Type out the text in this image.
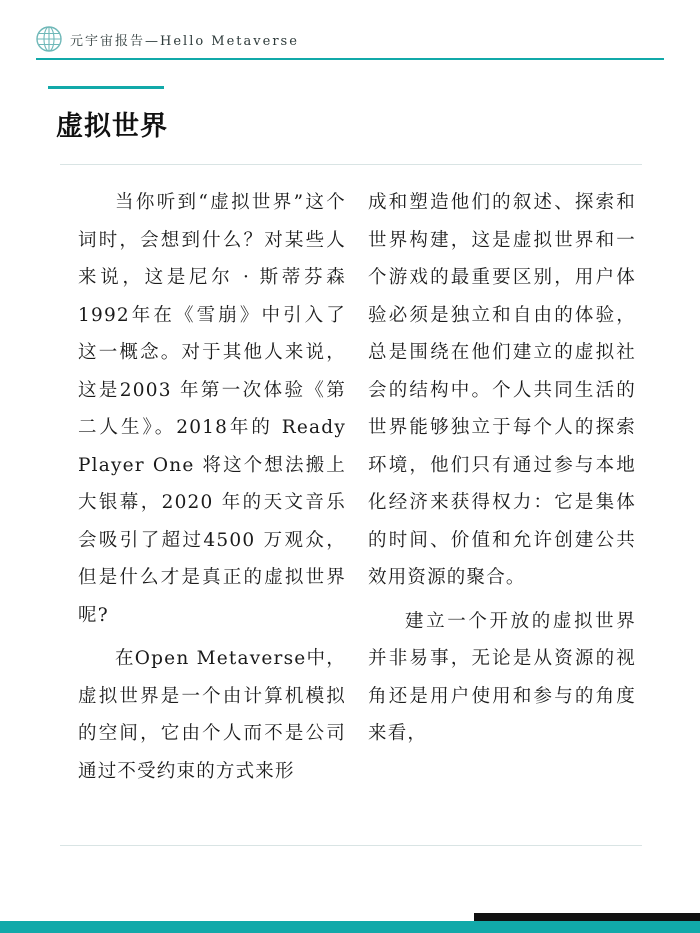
元宇宙报告—Hello Metaverse
虚拟世界

当你听到“虚拟世界”这个词时，会想到什么？对某些人来说，这是尼尔 · 斯蒂芬森1992年在《雪崩》中引入了这一概念。对于其他人来说，这是2003 年第一次体验《第二人生》。2018年的 Ready Player One 将这个想法搬上大银幕，2020 年的天文音乐会吸引了超过4500 万观众，但是什么才是真正的虚拟世界呢?

在Open Metaverse中，虚拟世界是一个由计算机模拟的空间，它由个人而不是公司通过不受约束的方式来形

成和塑造他们的叙述、探索和世界构建，这是虚拟世界和一个游戏的最重要区别，用户体验必须是独立和自由的体验，总是围绕在他们建立的虚拟社会的结构中。个人共同生活的世界能够独立于每个人的探索环境，他们只有通过参与本地化经济来获得权力：它是集体的时间、价值和允许创建公共效用资源的聚合。

建立一个开放的虚拟世界并非易事，无论是从资源的视角还是用户使用和参与的角度来看，
